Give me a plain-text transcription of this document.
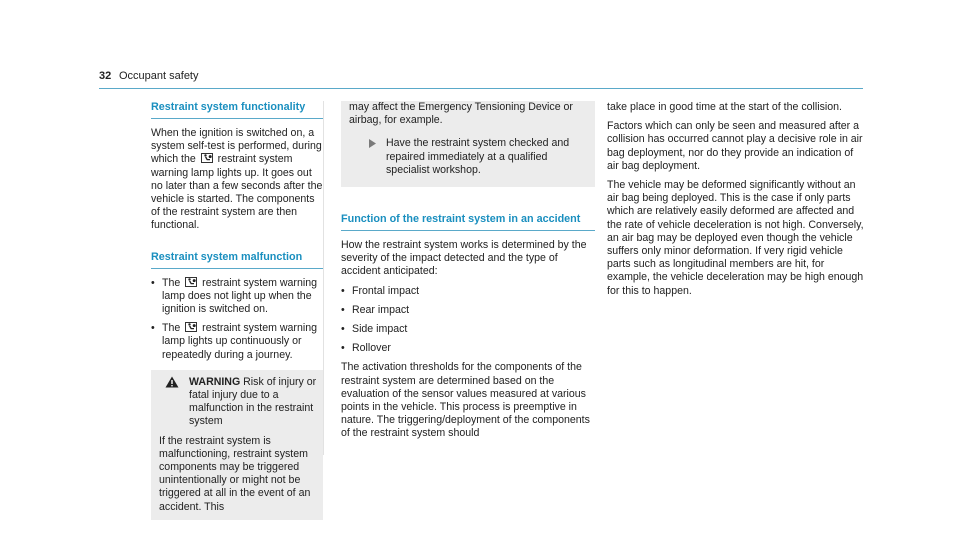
32 Occupant safety
Restraint system functionality

When the ignition is switched on, a system self-test is performed, during which the restraint system warning lamp lights up. It goes out no later than a few seconds after the vehicle is started. The components of the restraint system are then functional.

Restraint system malfunction
• The restraint system warning lamp does not light up when the ignition is switched on.
• The restraint system warning lamp lights up continuously or repeatedly during a journey.
WARNING Risk of injury or fatal injury due to a malfunction in the restraint system

If the restraint system is malfunctioning, restraint system components may be triggered unintentionally or might not be triggered at all in the event of an accident. This

may affect the Emergency Tensioning Device or airbag, for example.

Have the restraint system checked and repaired immediately at a qualified specialist workshop.
Function of the restraint system in an accident

How the restraint system works is determined by the severity of the impact detected and the type of accident anticipated:

• Frontal impact
• Rear impact
• Side impact
• Rollover

The activation thresholds for the components of the restraint system are determined based on the evaluation of the sensor values measured at various points in the vehicle. This process is preemptive in nature. The triggering/deployment of the components of the restraint system should

take place in good time at the start of the collision.

Factors which can only be seen and measured after a collision has occurred cannot play a decisive role in air bag deployment, nor do they provide an indication of air bag deployment.

The vehicle may be deformed significantly without an air bag being deployed. This is the case if only parts which are relatively easily deformed are affected and the rate of vehicle deceleration is not high. Conversely, an air bag may be deployed even though the vehicle suffers only minor deformation. If very rigid vehicle parts such as longitudinal members are hit, for example, the vehicle deceleration may be high enough for this to happen.
